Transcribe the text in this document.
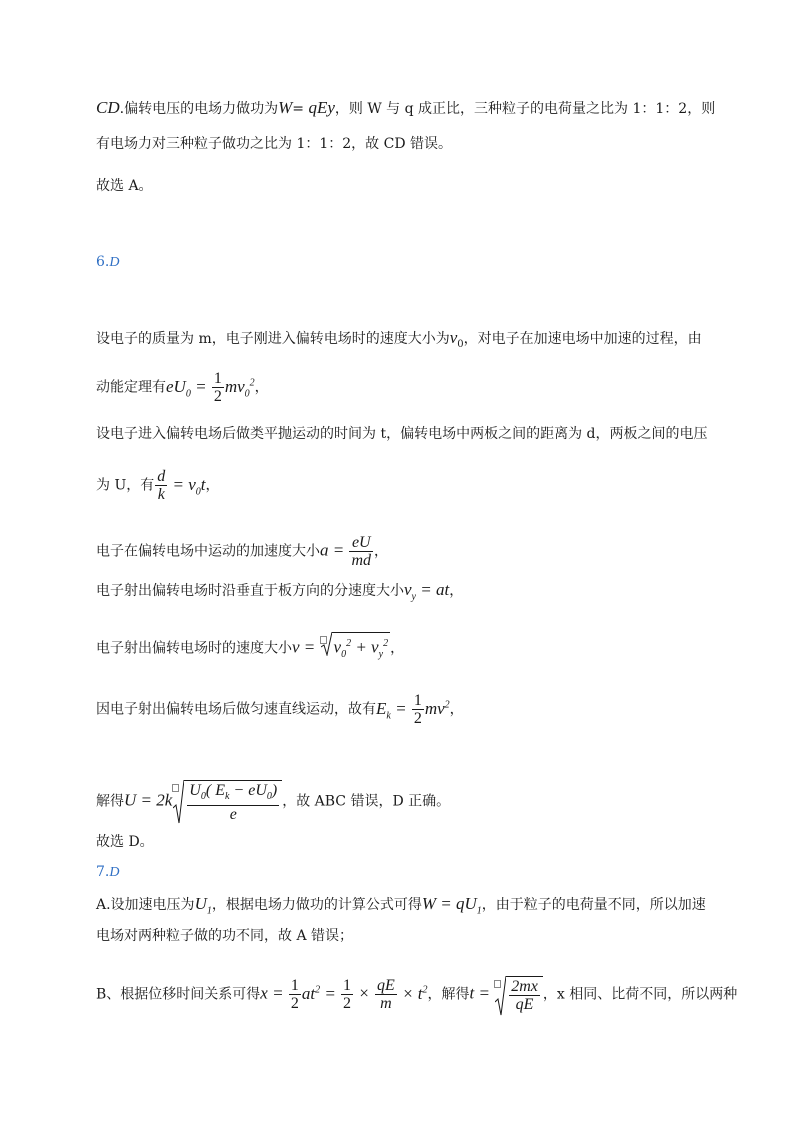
CD.偏转电压的电场力做功为W= qEy，则 W 与 q 成正比，三种粒子的电荷量之比为 1：1：2，则
有电场力对三种粒子做功之比为 1：1：2，故 CD 错误。
故选 A。
6.D
设电子的质量为 m，电子刚进入偏转电场时的速度大小为$v_0$，对电子在加速电场中加速的过程，由
动能定理有$eU_0 = \frac{1}{2} mv_0^2$，
设电子进入偏转电场后做类平抛运动的时间为 t，偏转电场中两板之间的距离为 d，两板之间的电压
为 U，有 $\frac{d}{k} = v_0t$，
电子在偏转电场中运动的加速度大小$a = \frac{eU}{md}$ ，
电子射出偏转电场时沿垂直于板方向的分速度大小$v_y$ = at，
电子射出偏转电场时的速度大小v =
$v_0^2 + v_y^2$ ，
因电子射出偏转电场后做匀速直线运动，故有$E_k = \frac{1}{2} mv^2$，
解得$U = 2k \frac{U_0( E_k - eU_0)}{e}$ ，故 ABC 错误，D 正确。
故选 D。
7.D
A.设加速电压为$U_1$，根据电场力做功的计算公式可得$W = qU_1$，由于粒子的电荷量不同，所以加速
电场对两种粒子做的功不同，故 A 错误；
B、根据位移时间关系可得$x = \frac{1}{2} at^2 = \frac{1}{2} \times \frac{qE}{m} \times t^2$，解得$t = \frac{2mx}{qE}$ ，x 相同、比荷不同，所以两种
